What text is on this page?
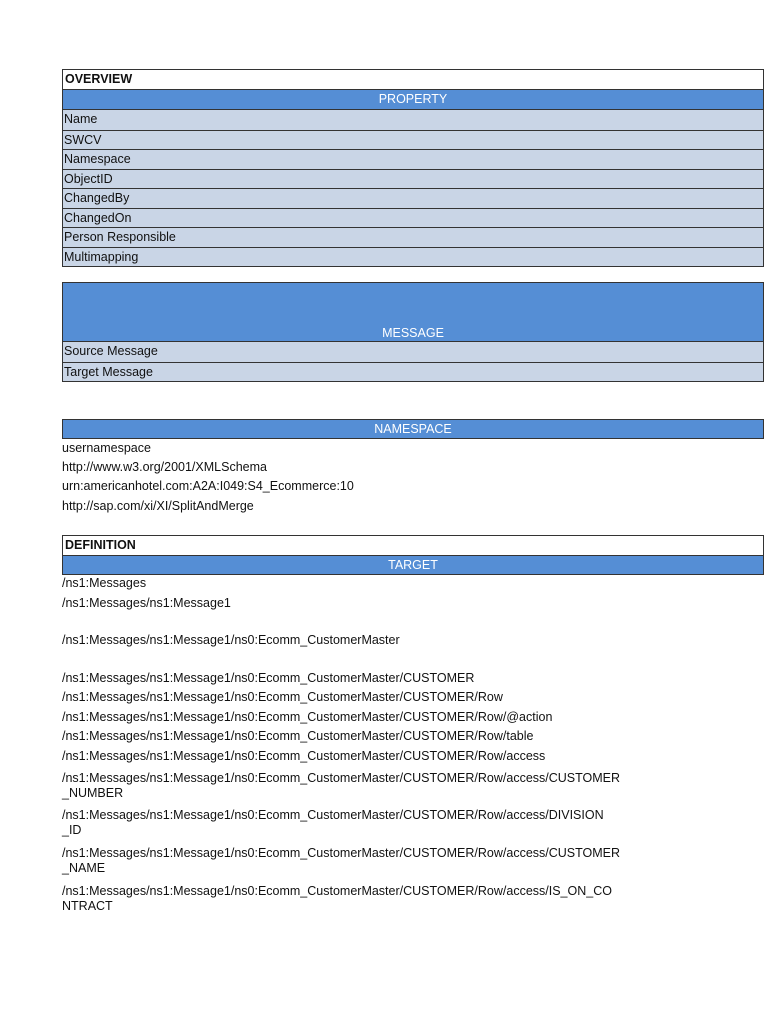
OVERVIEW
PROPERTY
Name
SWCV
Namespace
ObjectID
ChangedBy
ChangedOn
Person Responsible
Multimapping
MESSAGE
Source Message
Target Message
NAMESPACE
usernamespace
http://www.w3.org/2001/XMLSchema
urn:americanhotel.com:A2A:I049:S4_Ecommerce:10
http://sap.com/xi/XI/SplitAndMerge
DEFINITION
TARGET
/ns1:Messages
/ns1:Messages/ns1:Message1
/ns1:Messages/ns1:Message1/ns0:Ecomm_CustomerMaster
/ns1:Messages/ns1:Message1/ns0:Ecomm_CustomerMaster/CUSTOMER
/ns1:Messages/ns1:Message1/ns0:Ecomm_CustomerMaster/CUSTOMER/Row
/ns1:Messages/ns1:Message1/ns0:Ecomm_CustomerMaster/CUSTOMER/Row/@action
/ns1:Messages/ns1:Message1/ns0:Ecomm_CustomerMaster/CUSTOMER/Row/table
/ns1:Messages/ns1:Message1/ns0:Ecomm_CustomerMaster/CUSTOMER/Row/access
/ns1:Messages/ns1:Message1/ns0:Ecomm_CustomerMaster/CUSTOMER/Row/access/CUSTOMER
_NUMBER
/ns1:Messages/ns1:Message1/ns0:Ecomm_CustomerMaster/CUSTOMER/Row/access/DIVISION
_ID
/ns1:Messages/ns1:Message1/ns0:Ecomm_CustomerMaster/CUSTOMER/Row/access/CUSTOMER
_NAME
/ns1:Messages/ns1:Message1/ns0:Ecomm_CustomerMaster/CUSTOMER/Row/access/IS_ON_CO
NTRACT
